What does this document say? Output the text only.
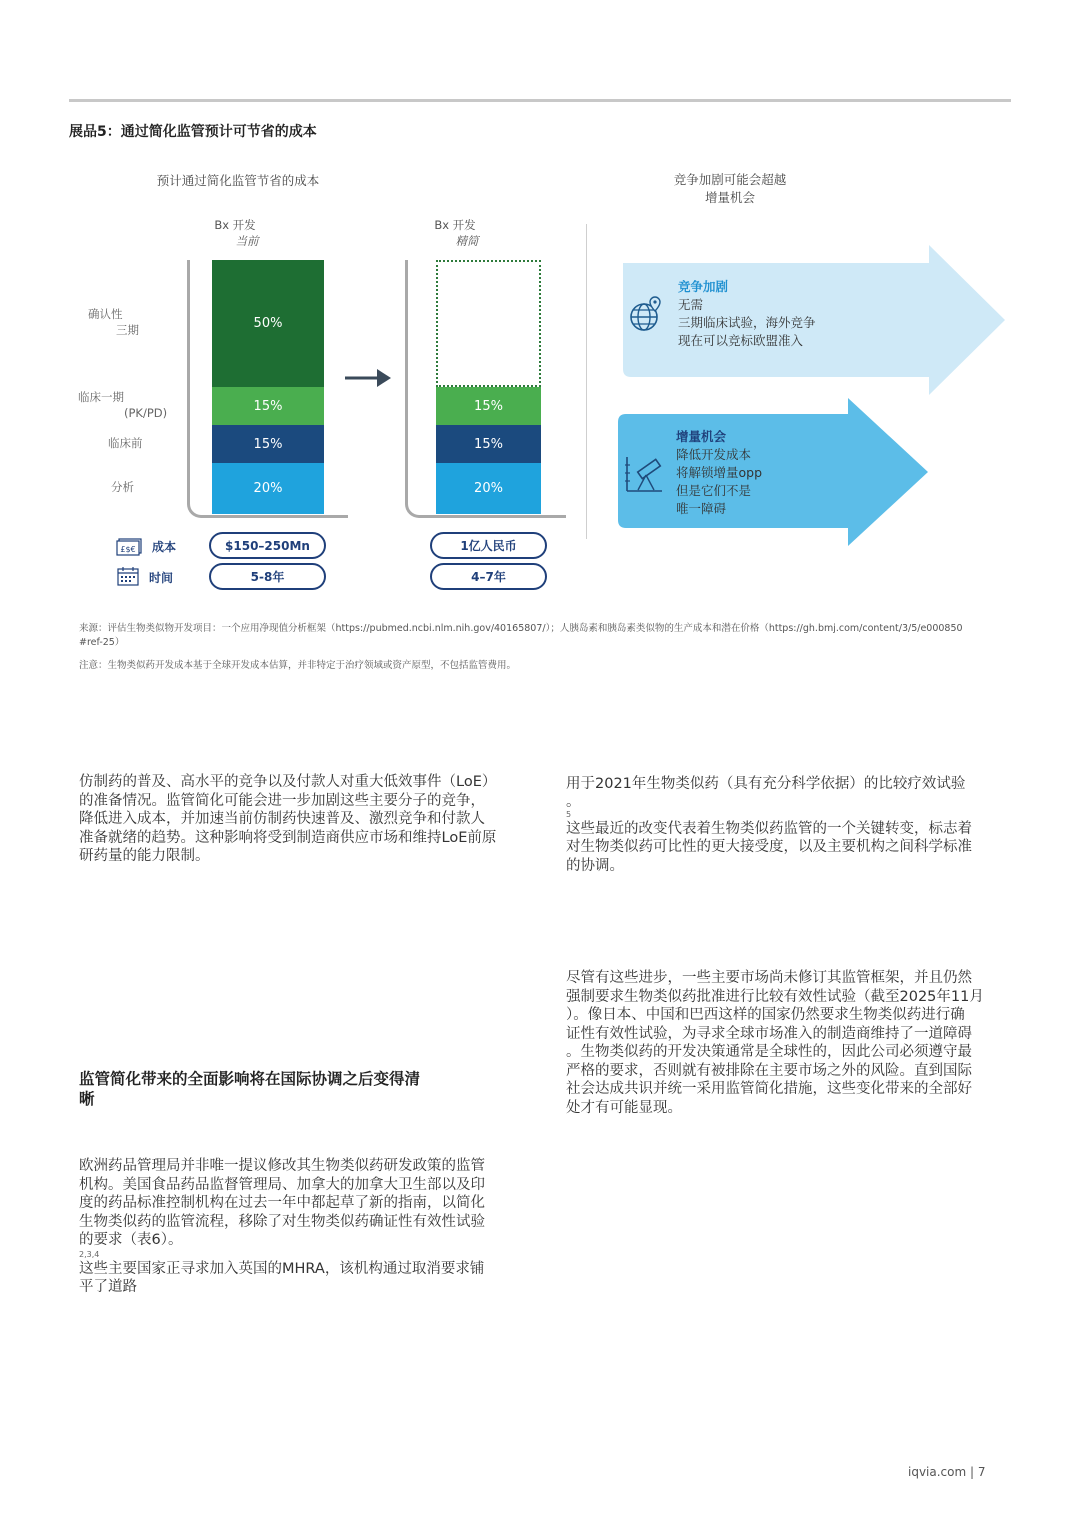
展品5：通过简化监管预计可节省的成本
预计通过简化监管节省的成本	竞争加剧可能会超越
增量机会
Bx 开发
当前
Bx 开发
精简
确认性
三期
临床一期
(PK/PD)
临床前
分析	20%
15%
15%
50%
20%
15%
15%
竞争加剧
无需
三期临床试验，海外竞争
现在可以竞标欧盟准入
增量机会
降低开发成本
将解锁增量opp
但是它们不是
唯一障碍
£$€ 成本
时间
$150–250Mn
5-8年
1亿人民币
4–7年
来源：评估生物类似物开发项目：一个应用净现值分析框架（https://pubmed.ncbi.nlm.nih.gov/40165807/）；人胰岛素和胰岛素类似物的生产成本和潜在价格（https://gh.bmj.com/content/3/5/e000850
#ref-25）
注意：生物类似药开发成本基于全球开发成本估算，并非特定于治疗领域或资产原型，不包括监管费用。
仿制药的普及、高水平的竞争以及付款人对重大低效事件（LoE）
的准备情况。监管简化可能会进一步加剧这些主要分子的竞争，
降低进入成本，并加速当前仿制药快速普及、激烈竞争和付款人
准备就绪的趋势。这种影响将受到制造商供应市场和维持LoE前原
研药量的能力限制。
监管简化带来的全面影响将在国际协调之后变得清
晰
欧洲药品管理局并非唯一提议修改其生物类似药研发政策的监管
机构。美国食品药品监督管理局、加拿大的加拿大卫生部以及印
度的药品标准控制机构在过去一年中都起草了新的指南，以简化
生物类似药的监管流程，移除了对生物类似药确证性有效性试验
的要求（表6）。
2,3,4
这些主要国家正寻求加入英国的MHRA，该机构通过取消要求铺
平了道路
用于2021年生物类似药（具有充分科学依据）的比较疗效试验
。
5
这些最近的改变代表着生物类似药监管的一个关键转变，标志着
对生物类似药可比性的更大接受度，以及主要机构之间科学标准
的协调。
尽管有这些进步，一些主要市场尚未修订其监管框架，并且仍然
强制要求生物类似药批准进行比较有效性试验（截至2025年11月
）。像日本、中国和巴西这样的国家仍然要求生物类似药进行确
证性有效性试验，为寻求全球市场准入的制造商维持了一道障碍
。生物类似药的开发决策通常是全球性的，因此公司必须遵守最
严格的要求，否则就有被排除在主要市场之外的风险。直到国际
社会达成共识并统一采用监管简化措施，这些变化带来的全部好
处才有可能显现。
iqvia.com | 7
